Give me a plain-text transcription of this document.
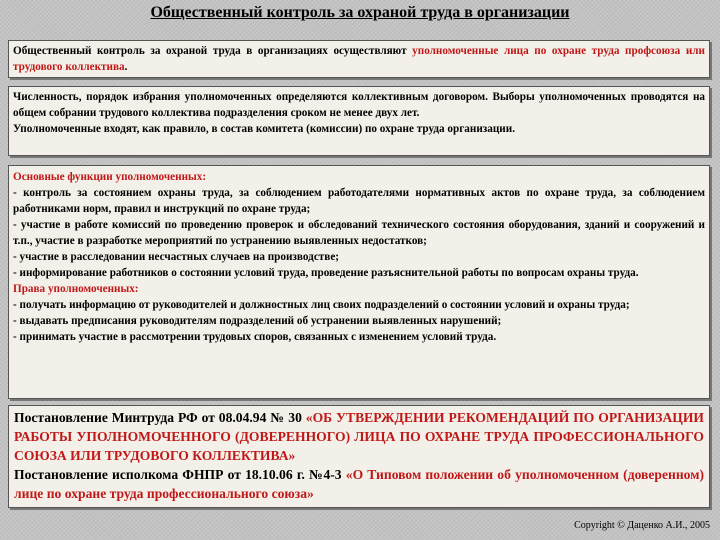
Общественный контроль за охраной труда в организации

Общественный контроль за охраной труда в организациях осуществляют уполномоченные лица по охране труда профсоюза или трудового коллектива.

Численность, порядок избрания уполномоченных определяются коллективным договором. Выборы уполномоченных проводятся на общем собрании трудового коллектива подразделения сроком не менее двух лет.

Уполномоченные входят, как правило, в состав комитета (комиссии) по охране труда организации.

Основные функции уполномоченных:

- контроль за состоянием охраны труда, за соблюдением работодателями нормативных актов по охране труда, за соблюдением работниками норм, правил и инструкций по охране труда;

- участие в работе комиссий по проведению проверок и обследований технического состояния оборудования, зданий и сооружений и т.п., участие в разработке мероприятий по устранению выявленных недостатков;

- участие в расследовании несчастных случаев на производстве;

- информирование работников о состоянии условий труда, проведение разъяснительной работы по вопросам охраны труда.

Права уполномоченных:

- получать информацию от руководителей и должностных лиц своих подразделений о состоянии условий и охраны труда;

- выдавать предписания руководителям подразделений об устранении выявленных нарушений;

- принимать участие в рассмотрении трудовых споров, связанных с изменением условий труда.

Постановление Минтруда РФ от 08.04.94 № 30 «ОБ УТВЕРЖДЕНИИ РЕКОМЕНДАЦИЙ ПО ОРГАНИЗАЦИИ РАБОТЫ УПОЛНОМОЧЕННОГО (ДОВЕРЕННОГО) ЛИЦА ПО ОХРАНЕ ТРУДА ПРОФЕССИОНАЛЬНОГО СОЮЗА ИЛИ ТРУДОВОГО КОЛЛЕКТИВА»

Постановление исполкома ФНПР от 18.10.06 г. №4-3 «О Типовом положении об уполномоченном (доверенном) лице по охране труда профессионального союза»

Copyright © Даценко А.И., 2005
